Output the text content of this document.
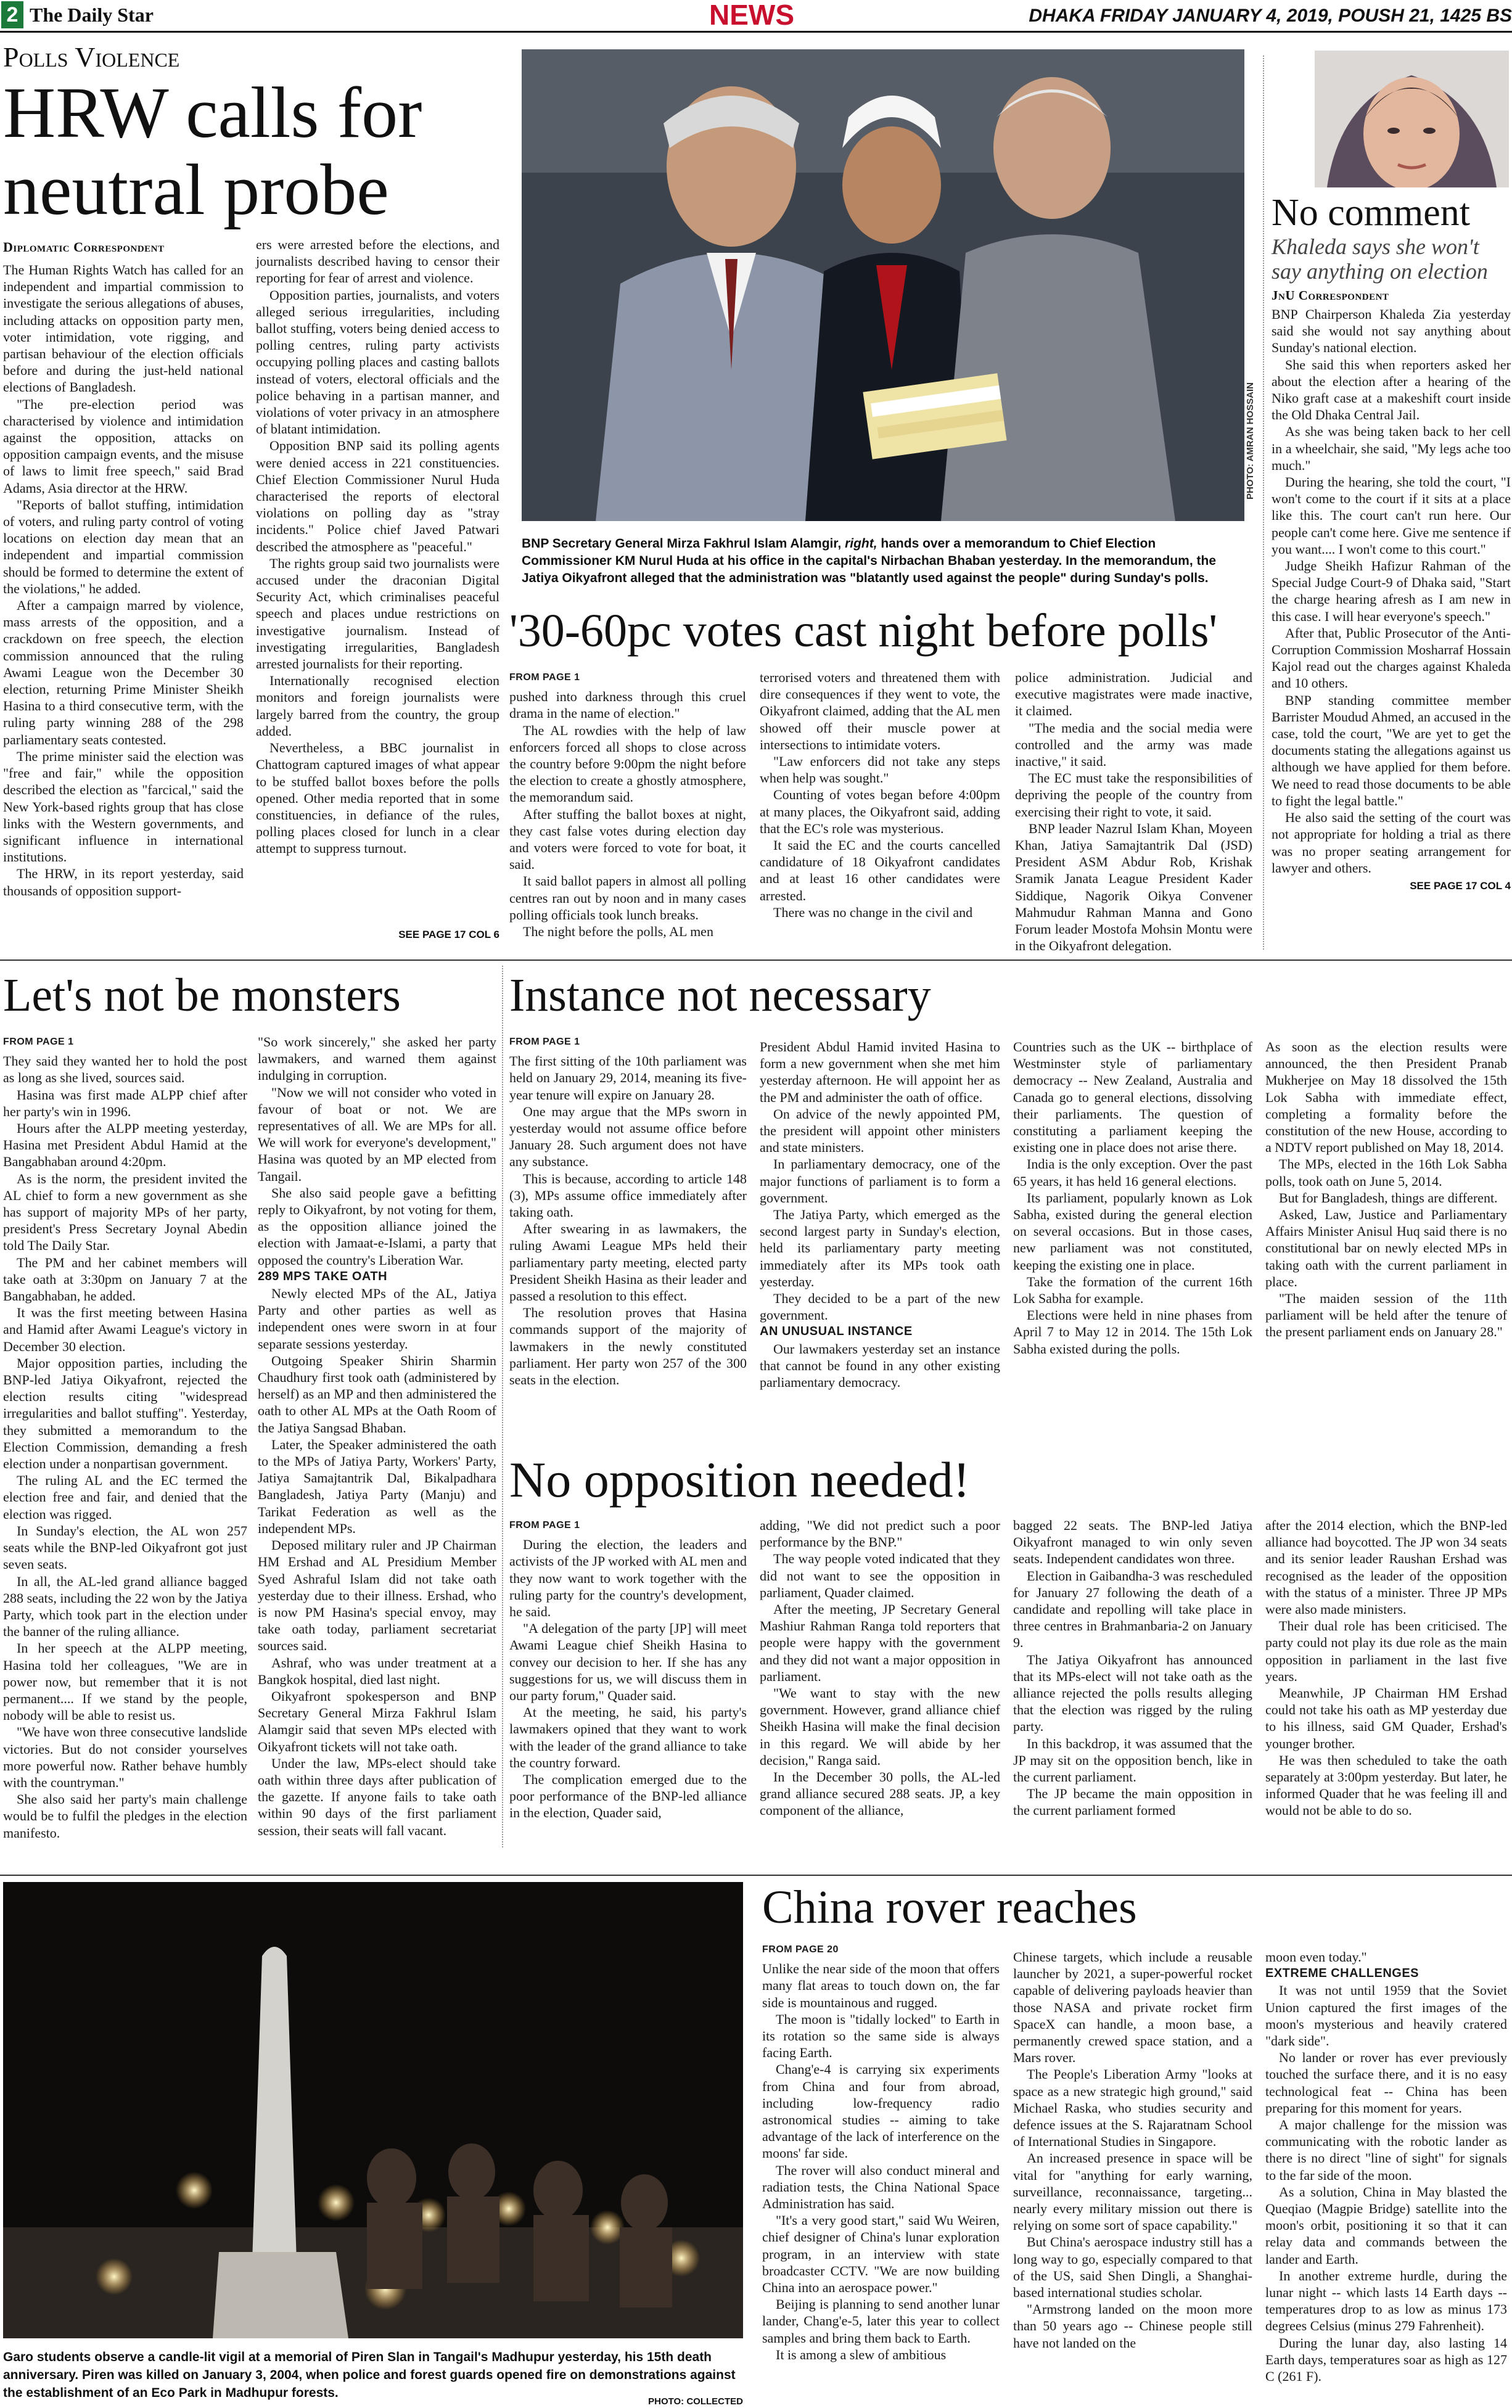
2 The Daily Star	NEWS	DHAKA FRIDAY JANUARY 4, 2019, POUSH 21, 1425 BS
Polls Violence
HRW calls for neutral probe
Diplomatic Correspondent

The Human Rights Watch has called for an independent and impartial commission to investigate the serious allegations of abuses, including attacks on opposition party men, voter intimidation, vote rigging, and partisan behaviour of the election officials before and during the just-held national elections of Bangladesh.

"The pre-election period was characterised by violence and intimidation against the opposition, attacks on opposition campaign events, and the misuse of laws to limit free speech," said Brad Adams, Asia director at the HRW.

"Reports of ballot stuffing, intimidation of voters, and ruling party control of voting locations on election day mean that an independent and impartial commission should be formed to determine the extent of the violations," he added.

After a campaign marred by violence, mass arrests of the opposition, and a crackdown on free speech, the election commission announced that the ruling Awami League won the December 30 election, returning Prime Minister Sheikh Hasina to a third consecutive term, with the ruling party winning 288 of the 298 parliamentary seats contested.

The prime minister said the election was "free and fair," while the opposition described the election as "farcical," said the New York-based rights group that has close links with the Western governments, and significant influence in international institutions.

The HRW, in its report yesterday, said thousands of opposition support-

ers were arrested before the elections, and journalists described having to censor their reporting for fear of arrest and violence.

Opposition parties, journalists, and voters alleged serious irregularities, including ballot stuffing, voters being denied access to polling centres, ruling party activists occupying polling places and casting ballots instead of voters, electoral officials and the police behaving in a partisan manner, and violations of voter privacy in an atmosphere of blatant intimidation.

Opposition BNP said its polling agents were denied access in 221 constituencies. Chief Election Commissioner Nurul Huda characterised the reports of electoral violations on polling day as "stray incidents." Police chief Javed Patwari described the atmosphere as "peaceful."

The rights group said two journalists were accused under the draconian Digital Security Act, which criminalises peaceful speech and places undue restrictions on investigative journalism. Instead of investigating irregularities, Bangladesh arrested journalists for their reporting.

Internationally recognised election monitors and foreign journalists were largely barred from the country, the group added.

Nevertheless, a BBC journalist in Chattogram captured images of what appear to be stuffed ballot boxes before the polls opened. Other media reported that in some constituencies, in defiance of the rules, polling places closed for lunch in a clear attempt to suppress turnout.

SEE PAGE 17 COL 6
PHOTO: AMRAN HOSSAIN
BNP Secretary General Mirza Fakhrul Islam Alamgir, right, hands over a memorandum to Chief Election Commissioner KM Nurul Huda at his office in the capital's Nirbachan Bhaban yesterday. In the memorandum, the Jatiya Oikyafront alleged that the administration was "blatantly used against the people" during Sunday's polls.
'30-60pc votes cast night before polls'
FROM PAGE 1

pushed into darkness through this cruel drama in the name of election."

The AL rowdies with the help of law enforcers forced all shops to close across the country before 9:00pm the night before the election to create a ghostly atmosphere, the memorandum said.

After stuffing the ballot boxes at night, they cast false votes during election day and voters were forced to vote for boat, it said.

It said ballot papers in almost all polling centres ran out by noon and in many cases polling officials took lunch breaks.

The night before the polls, AL men

terrorised voters and threatened them with dire consequences if they went to vote, the Oikyafront claimed, adding that the AL men showed off their muscle power at intersections to intimidate voters.

"Law enforcers did not take any steps when help was sought."

Counting of votes began before 4:00pm at many places, the Oikyafront said, adding that the EC's role was mysterious.

It said the EC and the courts cancelled candidature of 18 Oikyafront candidates and at least 16 other candidates were arrested.

There was no change in the civil and

police administration. Judicial and executive magistrates were made inactive, it claimed.

"The media and the social media were controlled and the army was made inactive," it said.

The EC must take the responsibilities of depriving the people of the country from exercising their right to vote, it said.

BNP leader Nazrul Islam Khan, Moyeen Khan, Jatiya Samajtantrik Dal (JSD) President ASM Abdur Rob, Krishak Sramik Janata League President Kader Siddique, Nagorik Oikya Convener Mahmudur Rahman Manna and Gono Forum leader Mostofa Mohsin Montu were in the Oikyafront delegation.

No comment
Khaleda says she won't say anything on election
JnU Correspondent

BNP Chairperson Khaleda Zia yesterday said she would not say anything about Sunday's national election.

She said this when reporters asked her about the election after a hearing of the Niko graft case at a makeshift court inside the Old Dhaka Central Jail.

As she was being taken back to her cell in a wheelchair, she said, "My legs ache too much."

During the hearing, she told the court, "I won't come to the court if it sits at a place like this. The court can't run here. Our people can't come here. Give me sentence if you want.... I won't come to this court."

Judge Sheikh Hafizur Rahman of the Special Judge Court-9 of Dhaka said, "Start the charge hearing afresh as I am new in this case. I will hear everyone's speech."

After that, Public Prosecutor of the Anti-Corruption Commission Mosharraf Hossain Kajol read out the charges against Khaleda and 10 others.

BNP standing committee member Barrister Moudud Ahmed, an accused in the case, told the court, "We are yet to get the documents stating the allegations against us although we have applied for them before. We need to read those documents to be able to fight the legal battle."

He also said the setting of the court was not appropriate for holding a trial as there was no proper seating arrangement for lawyer and others.

SEE PAGE 17 COL 4
Let's not be monsters
FROM PAGE 1

They said they wanted her to hold the post as long as she lived, sources said.

Hasina was first made ALPP chief after her party's win in 1996.

Hours after the ALPP meeting yesterday, Hasina met President Abdul Hamid at the Bangabhaban around 4:20pm.

As is the norm, the president invited the AL chief to form a new government as she has support of majority MPs of her party, president's Press Secretary Joynal Abedin told The Daily Star.

The PM and her cabinet members will take oath at 3:30pm on January 7 at the Bangabhaban, he added.

It was the first meeting between Hasina and Hamid after Awami League's victory in December 30 election.

Major opposition parties, including the BNP-led Jatiya Oikyafront, rejected the election results citing "widespread irregularities and ballot stuffing". Yesterday, they submitted a memorandum to the Election Commission, demanding a fresh election under a nonpartisan government.

The ruling AL and the EC termed the election free and fair, and denied that the election was rigged.

In Sunday's election, the AL won 257 seats while the BNP-led Oikyafront got just seven seats.

In all, the AL-led grand alliance bagged 288 seats, including the 22 won by the Jatiya Party, which took part in the election under the banner of the ruling alliance.

In her speech at the ALPP meeting, Hasina told her colleagues, "We are in power now, but remember that it is not permanent.... If we stand by the people, nobody will be able to resist us.

"We have won three consecutive landslide victories. But do not consider yourselves more powerful now. Rather behave humbly with the countryman."

She also said her party's main challenge would be to fulfil the pledges in the election manifesto.

"So work sincerely," she asked her party lawmakers, and warned them against indulging in corruption.

"Now we will not consider who voted in favour of boat or not. We are representatives of all. We are MPs for all. We will work for everyone's development," Hasina was quoted by an MP elected from Tangail.

She also said people gave a befitting reply to Oikyafront, by not voting for them, as the opposition alliance joined the election with Jamaat-e-Islami, a party that opposed the country's Liberation War.

289 MPS TAKE OATH

Newly elected MPs of the AL, Jatiya Party and other parties as well as independent ones were sworn in at four separate sessions yesterday.

Outgoing Speaker Shirin Sharmin Chaudhury first took oath (administered by herself) as an MP and then administered the oath to other AL MPs at the Oath Room of the Jatiya Sangsad Bhaban.

Later, the Speaker administered the oath to the MPs of Jatiya Party, Workers' Party, Jatiya Samajtantrik Dal, Bikalpadhara Bangladesh, Jatiya Party (Manju) and Tarikat Federation as well as the independent MPs.

Deposed military ruler and JP Chairman HM Ershad and AL Presidium Member Syed Ashraful Islam did not take oath yesterday due to their illness. Ershad, who is now PM Hasina's special envoy, may take oath today, parliament secretariat sources said.

Ashraf, who was under treatment at a Bangkok hospital, died last night.

Oikyafront spokesperson and BNP Secretary General Mirza Fakhrul Islam Alamgir said that seven MPs elected with Oikyafront tickets will not take oath.

Under the law, MPs-elect should take oath within three days after publication of the gazette. If anyone fails to take oath within 90 days of the first parliament session, their seats will fall vacant.

Instance not necessary
FROM PAGE 1

The first sitting of the 10th parliament was held on January 29, 2014, meaning its five-year tenure will expire on January 28.

One may argue that the MPs sworn in yesterday would not assume office before January 28. Such argument does not have any substance.

This is because, according to article 148 (3), MPs assume office immediately after taking oath.

After swearing in as lawmakers, the ruling Awami League MPs held their parliamentary party meeting, elected party President Sheikh Hasina as their leader and passed a resolution to this effect.

The resolution proves that Hasina commands support of the majority of lawmakers in the newly constituted parliament. Her party won 257 of the 300 seats in the election.

President Abdul Hamid invited Hasina to form a new government when she met him yesterday afternoon. He will appoint her as the PM and administer the oath of office.

On advice of the newly appointed PM, the president will appoint other ministers and state ministers.

In parliamentary democracy, one of the major functions of parliament is to form a government.

The Jatiya Party, which emerged as the second largest party in Sunday's election, held its parliamentary party meeting immediately after its MPs took oath yesterday.

They decided to be a part of the new government.

AN UNUSUAL INSTANCE

Our lawmakers yesterday set an instance that cannot be found in any other existing parliamentary democracy.

Countries such as the UK -- birthplace of Westminster style of parliamentary democracy -- New Zealand, Australia and Canada go to general elections, dissolving their parliaments. The question of constituting a parliament keeping the existing one in place does not arise there.

India is the only exception. Over the past 65 years, it has held 16 general elections.

Its parliament, popularly known as Lok Sabha, existed during the general election on several occasions. But in those cases, new parliament was not constituted, keeping the existing one in place.

Take the formation of the current 16th Lok Sabha for example.

Elections were held in nine phases from April 7 to May 12 in 2014. The 15th Lok Sabha existed during the polls.

As soon as the election results were announced, the then President Pranab Mukherjee on May 18 dissolved the 15th Lok Sabha with immediate effect, completing a formality before the constitution of the new House, according to a NDTV report published on May 18, 2014.

The MPs, elected in the 16th Lok Sabha polls, took oath on June 5, 2014.

But for Bangladesh, things are different.

Asked, Law, Justice and Parliamentary Affairs Minister Anisul Huq said there is no constitutional bar on newly elected MPs in taking oath with the current parliament in place.

"The maiden session of the 11th parliament will be held after the tenure of the present parliament ends on January 28."

No opposition needed!
FROM PAGE 1

During the election, the leaders and activists of the JP worked with AL men and they now want to work together with the ruling party for the country's development, he said.

"A delegation of the party [JP] will meet Awami League chief Sheikh Hasina to convey our decision to her. If she has any suggestions for us, we will discuss them in our party forum," Quader said.

At the meeting, he said, his party's lawmakers opined that they want to work with the leader of the grand alliance to take the country forward.

The complication emerged due to the poor performance of the BNP-led alliance in the election, Quader said,

adding, "We did not predict such a poor performance by the BNP."

The way people voted indicated that they did not want to see the opposition in parliament, Quader claimed.

After the meeting, JP Secretary General Mashiur Rahman Ranga told reporters that people were happy with the government and they did not want a major opposition in parliament.

"We want to stay with the new government. However, grand alliance chief Sheikh Hasina will make the final decision in this regard. We will abide by her decision," Ranga said.

In the December 30 polls, the AL-led grand alliance secured 288 seats. JP, a key component of the alliance,

bagged 22 seats. The BNP-led Jatiya Oikyafront managed to win only seven seats. Independent candidates won three.

Election in Gaibandha-3 was rescheduled for January 27 following the death of a candidate and repolling will take place in three centres in Brahmanbaria-2 on January 9.

The Jatiya Oikyafront has announced that its MPs-elect will not take oath as the alliance rejected the polls results alleging that the election was rigged by the ruling party.

In this backdrop, it was assumed that the JP may sit on the opposition bench, like in the current parliament.

The JP became the main opposition in the current parliament formed

after the 2014 election, which the BNP-led alliance had boycotted. The JP won 34 seats and its senior leader Raushan Ershad was recognised as the leader of the opposition with the status of a minister. Three JP MPs were also made ministers.

Their dual role has been criticised. The party could not play its due role as the main opposition in parliament in the last five years.

Meanwhile, JP Chairman HM Ershad could not take his oath as MP yesterday due to his illness, said GM Quader, Ershad's younger brother.

He was then scheduled to take the oath separately at 3:00pm yesterday. But later, he informed Quader that he was feeling ill and would not be able to do so.

Garo students observe a candle-lit vigil at a memorial of Piren Slan in Tangail's Madhupur yesterday, his 15th death anniversary. Piren was killed on January 3, 2004, when police and forest guards opened fire on demonstrations against the establishment of an Eco Park in Madhupur forests.
PHOTO: COLLECTED
China rover reaches
FROM PAGE 20

Unlike the near side of the moon that offers many flat areas to touch down on, the far side is mountainous and rugged.

The moon is "tidally locked" to Earth in its rotation so the same side is always facing Earth.

Chang'e-4 is carrying six experiments from China and four from abroad, including low-frequency radio astronomical studies -- aiming to take advantage of the lack of interference on the moons' far side.

The rover will also conduct mineral and radiation tests, the China National Space Administration has said.

"It's a very good start," said Wu Weiren, chief designer of China's lunar exploration program, in an interview with state broadcaster CCTV. "We are now building China into an aerospace power."

Beijing is planning to send another lunar lander, Chang'e-5, later this year to collect samples and bring them back to Earth.

It is among a slew of ambitious

Chinese targets, which include a reusable launcher by 2021, a super-powerful rocket capable of delivering payloads heavier than those NASA and private rocket firm SpaceX can handle, a moon base, a permanently crewed space station, and a Mars rover.

The People's Liberation Army "looks at space as a new strategic high ground," said Michael Raska, who studies security and defence issues at the S. Rajaratnam School of International Studies in Singapore.

An increased presence in space will be vital for "anything for early warning, surveillance, reconnaissance, targeting... nearly every military mission out there is relying on some sort of space capability."

But China's aerospace industry still has a long way to go, especially compared to that of the US, said Shen Dingli, a Shanghai-based international studies scholar.

"Armstrong landed on the moon more than 50 years ago -- Chinese people still have not landed on the

moon even today."

EXTREME CHALLENGES

It was not until 1959 that the Soviet Union captured the first images of the moon's mysterious and heavily cratered "dark side".

No lander or rover has ever previously touched the surface there, and it is no easy technological feat -- China has been preparing for this moment for years.

A major challenge for the mission was communicating with the robotic lander as there is no direct "line of sight" for signals to the far side of the moon.

As a solution, China in May blasted the Queqiao (Magpie Bridge) satellite into the moon's orbit, positioning it so that it can relay data and commands between the lander and Earth.

In another extreme hurdle, during the lunar night -- which lasts 14 Earth days -- temperatures drop to as low as minus 173 degrees Celsius (minus 279 Fahrenheit).

During the lunar day, also lasting 14 Earth days, temperatures soar as high as 127 C (261 F).
